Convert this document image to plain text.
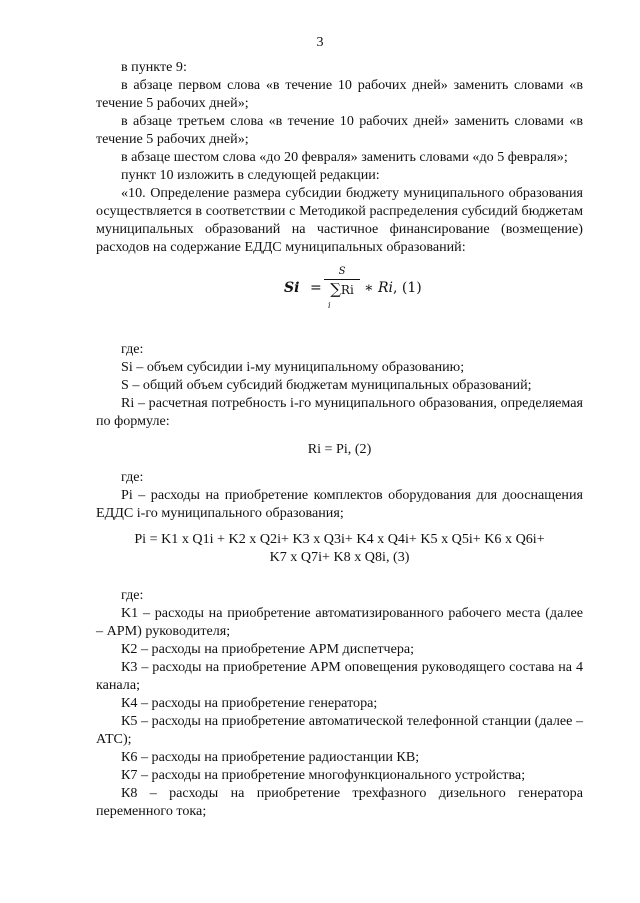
3

в пункте 9:

в абзаце первом слова «в течение 10 рабочих дней» заменить словами «в течение 5 рабочих дней»;

в абзаце третьем слова «в течение 10 рабочих дней» заменить словами «в течение 5 рабочих дней»;

в абзаце шестом слова «до 20 февраля» заменить словами «до 5 февраля»;

пункт 10 изложить в следующей редакции:

«10. Определение размера субсидии бюджету муниципального образования осуществляется в соответствии с Методикой распределения субсидий бюджетам муниципальных образований на частичное финансирование (возмещение) расходов на содержание ЕДДС муниципальных образований:

Si =
S
∑Ri
i
∗ Ri, (1)

где:

Si – объем субсидии i-му муниципальному образованию;

S – общий объем субсидий бюджетам муниципальных образований;

Ri – расчетная потребность i-го муниципального образования, определяемая по формуле:

Ri = Pi, (2)

где:

Pi – расходы на приобретение комплектов оборудования для дооснащения ЕДДС i-го муниципального образования;

Pi = K1 x Q1i + K2 x Q2i+ K3 x Q3i+ K4 x Q4i+ K5 x Q5i+ K6 x Q6i+

K7 x Q7i+ K8 x Q8i, (3)

где:

K1 – расходы на приобретение автоматизированного рабочего места (далее – АРМ) руководителя;

К2 – расходы на приобретение АРМ диспетчера;

К3 – расходы на приобретение АРМ оповещения руководящего состава на 4 канала;

К4 – расходы на приобретение генератора;

К5 – расходы на приобретение автоматической телефонной станции (далее – АТС);

К6 – расходы на приобретение радиостанции КВ;

К7 – расходы на приобретение многофункционального устройства;

К8 – расходы на приобретение трехфазного дизельного генератора переменного тока;
